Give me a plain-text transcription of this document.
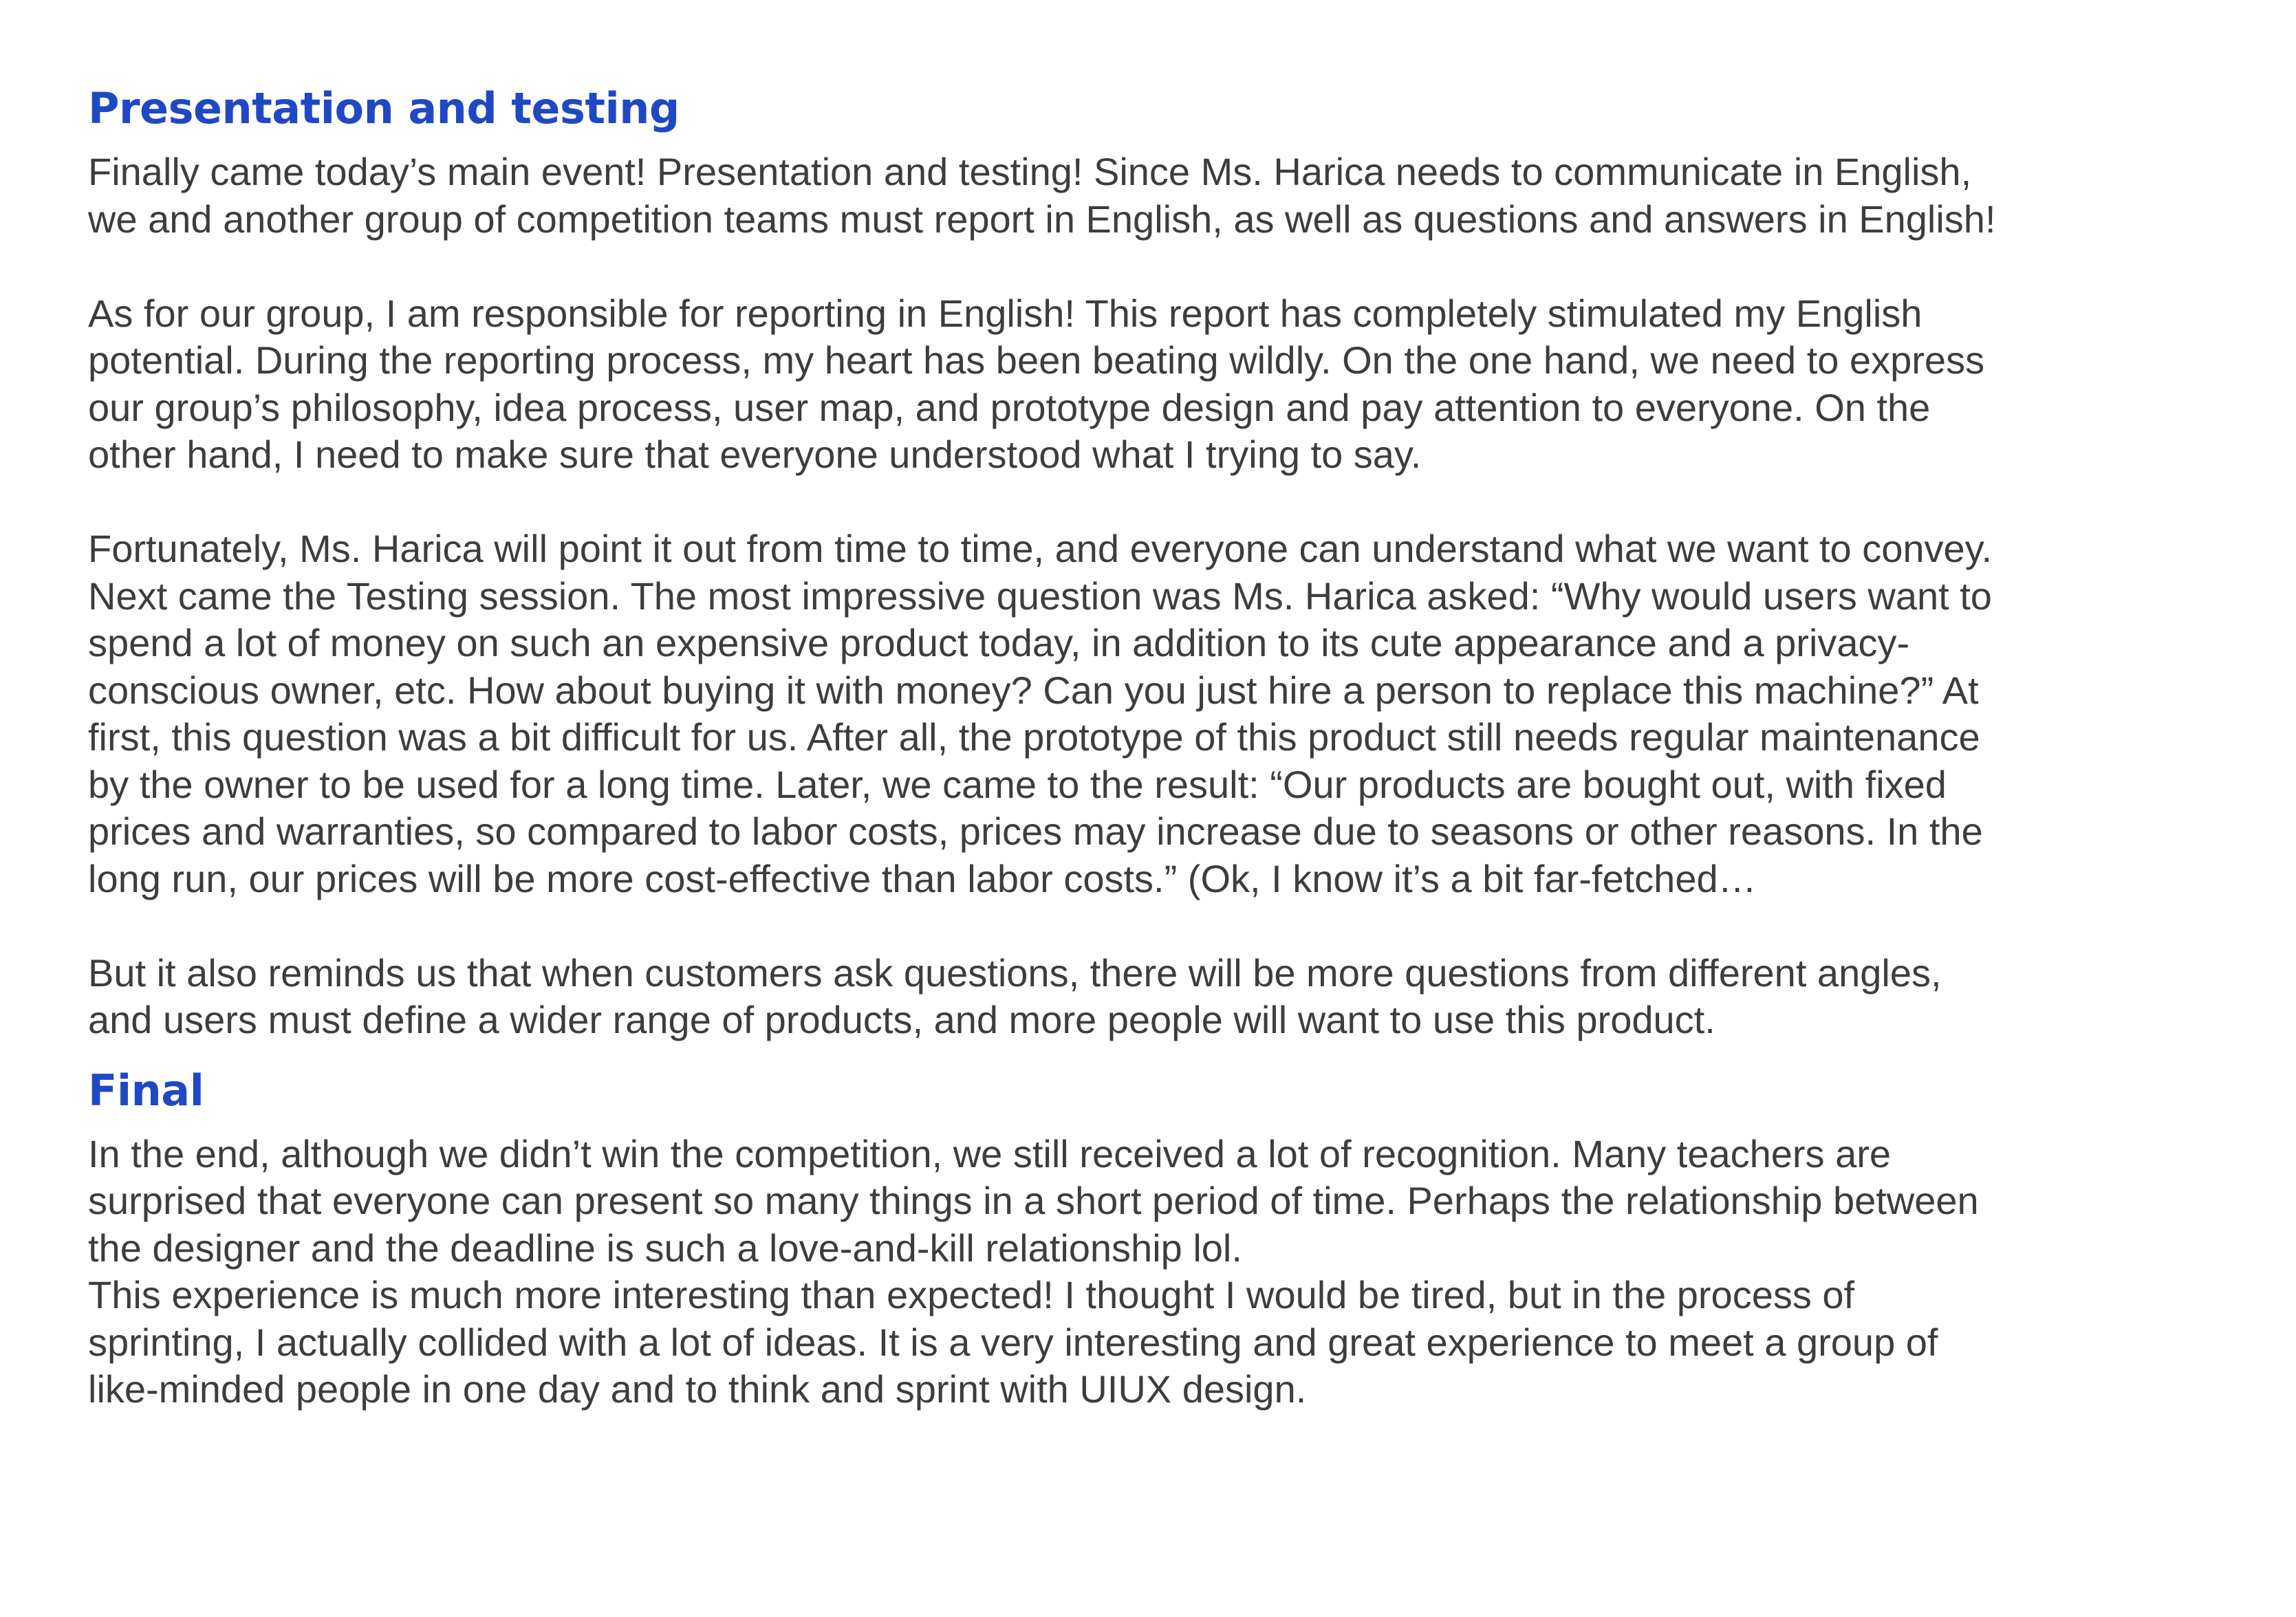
Presentation and testing

Finally came today’s main event! Presentation and testing! Since Ms. Harica needs to communicate in English,

we and another group of competition teams must report in English, as well as questions and answers in English!

As for our group, I am responsible for reporting in English! This report has completely stimulated my English

potential. During the reporting process, my heart has been beating wildly. On the one hand, we need to express

our group’s philosophy, idea process, user map, and prototype design and pay attention to everyone. On the

other hand, I need to make sure that everyone understood what I trying to say.

Fortunately, Ms. Harica will point it out from time to time, and everyone can understand what we want to convey.

Next came the Testing session. The most impressive question was Ms. Harica asked: “Why would users want to

spend a lot of money on such an expensive product today, in addition to its cute appearance and a privacy-

conscious owner, etc. How about buying it with money? Can you just hire a person to replace this machine?” At

first, this question was a bit difficult for us. After all, the prototype of this product still needs regular maintenance

by the owner to be used for a long time. Later, we came to the result: “Our products are bought out, with fixed

prices and warranties, so compared to labor costs, prices may increase due to seasons or other reasons. In the

long run, our prices will be more cost-effective than labor costs.” (Ok, I know it’s a bit far-fetched…

But it also reminds us that when customers ask questions, there will be more questions from different angles,

and users must define a wider range of products, and more people will want to use this product.

Final

In the end, although we didn’t win the competition, we still received a lot of recognition. Many teachers are

surprised that everyone can present so many things in a short period of time. Perhaps the relationship between

the designer and the deadline is such a love-and-kill relationship lol.

This experience is much more interesting than expected! I thought I would be tired, but in the process of

sprinting, I actually collided with a lot of ideas. It is a very interesting and great experience to meet a group of

like-minded people in one day and to think and sprint with UIUX design.
